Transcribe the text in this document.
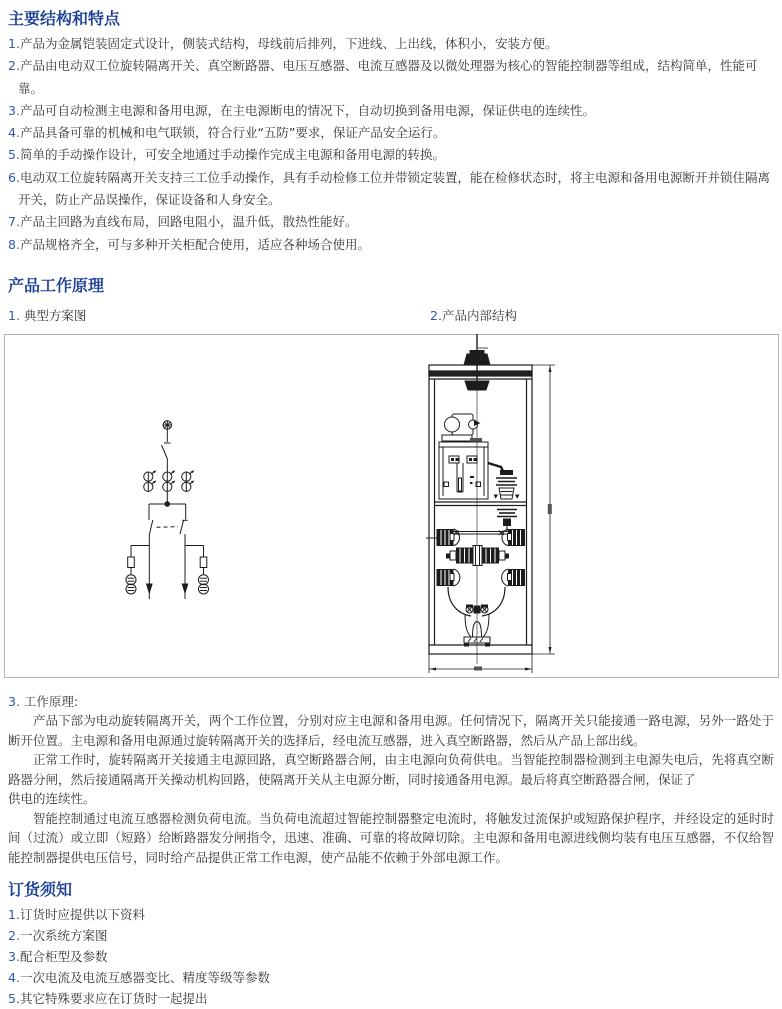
主要结构和特点
1.产品为金属铠装固定式设计，侧装式结构，母线前后排列，下进线、上出线，体积小，安装方便。
2.产品由电动双工位旋转隔离开关、真空断路器、电压互感器、电流互感器及以微处理器为核心的智能控制器等组成，结构简单，性能可靠。
3.产品可自动检测主电源和备用电源，在主电源断电的情况下，自动切换到备用电源，保证供电的连续性。
4.产品具备可靠的机械和电气联锁，符合行业“五防”要求，保证产品安全运行。
5.简单的手动操作设计，可安全地通过手动操作完成主电源和备用电源的转换。
6.电动双工位旋转隔离开关支持三工位手动操作，具有手动检修工位并带锁定装置，能在检修状态时，将主电源和备用电源断开并锁住隔离开关，防止产品误操作，保证设备和人身安全。
7.产品主回路为直线布局，回路电阻小，温升低，散热性能好。
8.产品规格齐全，可与多种开关柜配合使用，适应各种场合使用。
产品工作原理
1. 典型方案图	2.产品内部结构
3. 工作原理:

产品下部为电动旋转隔离开关，两个工作位置，分别对应主电源和备用电源。任何情况下，隔离开关只能接通一路电源，另外一路处于断开位置。主电源和备用电源通过旋转隔离开关的选择后，经电流互感器，进入真空断路器，然后从产品上部出线。

正常工作时，旋转隔离开关接通主电源回路，真空断路器合闸，由主电源向负荷供电。当智能控制器检测到主电源失电后，先将真空断路器分闸，然后接通隔离开关操动机构回路，使隔离开关从主电源分断，同时接通备用电源。最后将真空断路器合闸，保证了

供电的连续性。

智能控制通过电流互感器检测负荷电流。当负荷电流超过智能控制器整定电流时，将触发过流保护或短路保护程序，并经设定的延时时间（过流）或立即（短路）给断路器发分闸指令，迅速、准确、可靠的将故障切除。主电源和备用电源进线侧均装有电压互感器，不仅给智能控制器提供电压信号，同时给产品提供正常工作电源，使产品能不依赖于外部电源工作。

订货须知
1.订货时应提供以下资料
2.一次系统方案图
3.配合柜型及参数
4.一次电流及电流互感器变比、精度等级等参数
5.其它特殊要求应在订货时一起提出
